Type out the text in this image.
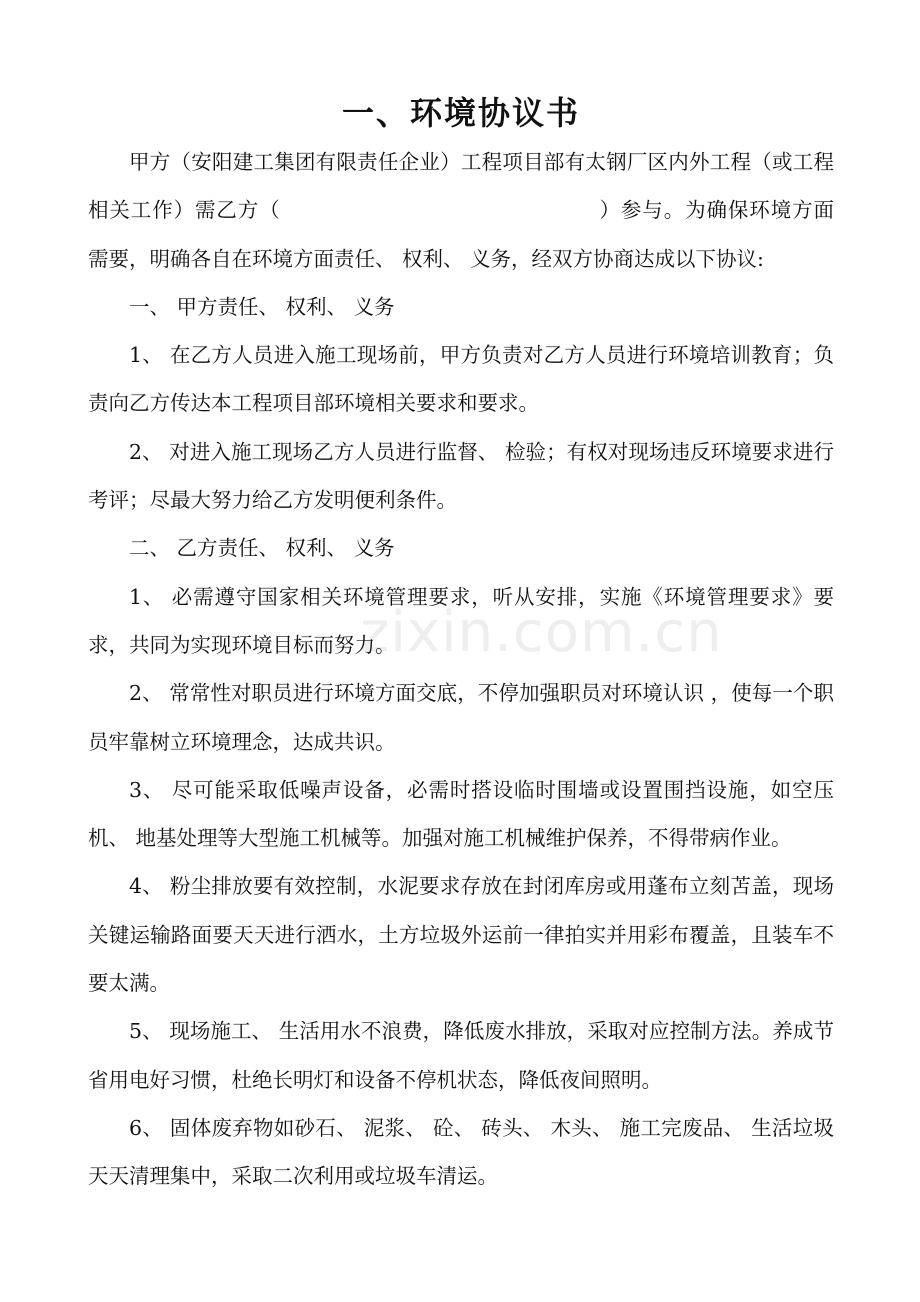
一、环境协议书

甲方（安阳建工集团有限责任企业）工程项目部有太钢厂区内外工程（或工程相关工作）需乙方（	）参与。为确保环境方面需要，明确各自在环境方面责任、 权利、 义务，经双方协商达成以下协议:

一、 甲方责任、 权利、 义务

1、 在乙方人员进入施工现场前，甲方负责对乙方人员进行环境培训教育；负责向乙方传达本工程项目部环境相关要求和要求。

2、 对进入施工现场乙方人员进行监督、 检验；有权对现场违反环境要求进行考评；尽最大努力给乙方发明便利条件。

二、 乙方责任、 权利、 义务

1、 必需遵守国家相关环境管理要求，听从安排，实施《环境管理要求》要求，共同为实现环境目标而努力。

2、 常常性对职员进行环境方面交底，不停加强职员对环境认识 ，使每一个职员牢靠树立环境理念，达成共识。

3、 尽可能采取低噪声设备，必需时搭设临时围墙或设置围挡设施，如空压机、 地基处理等大型施工机械等。加强对施工机械维护保养，不得带病作业。

4、 粉尘排放要有效控制，水泥要求存放在封闭库房或用蓬布立刻苫盖，现场关键运输路面要天天进行洒水，土方垃圾外运前一律拍实并用彩布覆盖，且装车不要太满。

5、 现场施工、 生活用水不浪费，降低废水排放，采取对应控制方法。养成节省用电好习惯，杜绝长明灯和设备不停机状态，降低夜间照明。

6、 固体废弃物如砂石、 泥浆、 砼、 砖头、 木头、 施工完废品、 生活垃圾天天清理集中，采取二次利用或垃圾车清运。

zixin.com.cn
